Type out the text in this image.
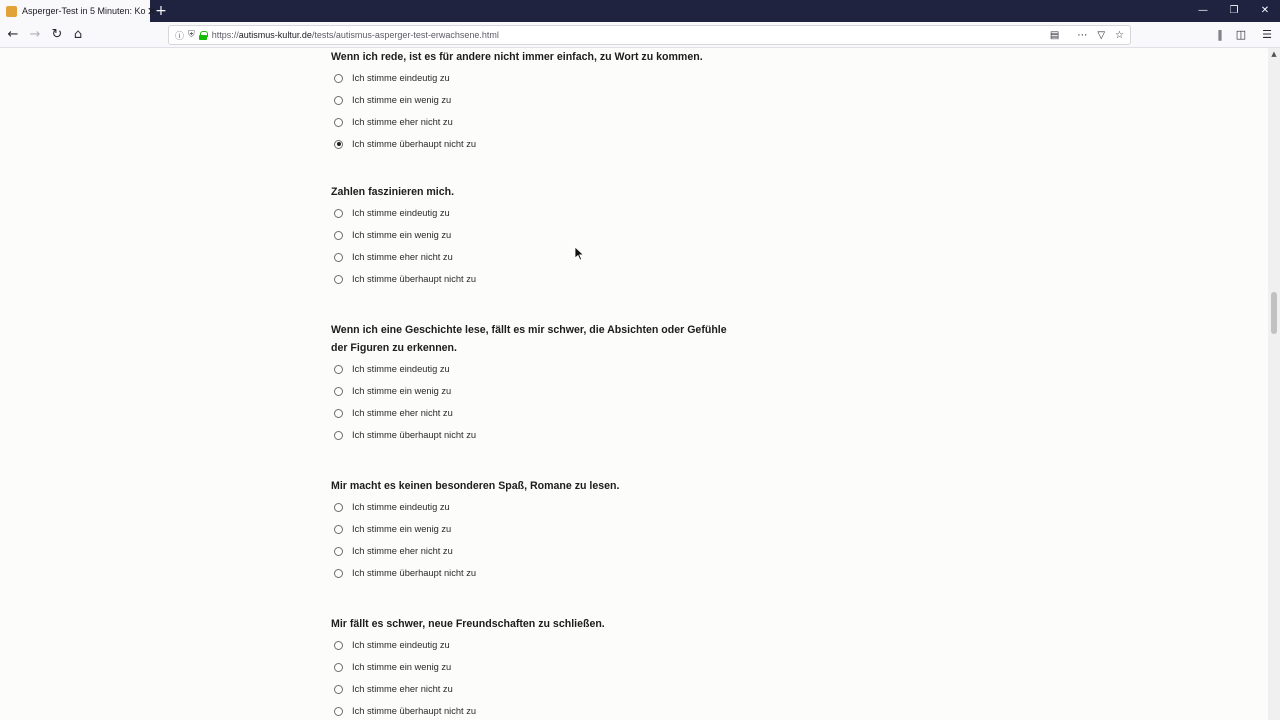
Asperger-Test in 5 Minuten: Ko ✕
+	—	❐	✕
← → ↻ ⌂	ⓘ ⛨ https://autismus-kultur.de/tests/autismus-asperger-test-erwachsene.html	▤ ⋯ ▽ ☆	‖	◫	☰
Wenn ich rede, ist es für andere nicht immer einfach, zu Wort zu kommen.
Ich stimme eindeutig zu
Ich stimme ein wenig zu
Ich stimme eher nicht zu
Ich stimme überhaupt nicht zu
Zahlen faszinieren mich.
Ich stimme eindeutig zu
Ich stimme ein wenig zu
Ich stimme eher nicht zu
Ich stimme überhaupt nicht zu
Wenn ich eine Geschichte lese, fällt es mir schwer, die Absichten oder Gefühle der Figuren zu erkennen.
Ich stimme eindeutig zu
Ich stimme ein wenig zu
Ich stimme eher nicht zu
Ich stimme überhaupt nicht zu
Mir macht es keinen besonderen Spaß, Romane zu lesen.
Ich stimme eindeutig zu
Ich stimme ein wenig zu
Ich stimme eher nicht zu
Ich stimme überhaupt nicht zu
Mir fällt es schwer, neue Freundschaften zu schließen.
Ich stimme eindeutig zu
Ich stimme ein wenig zu
Ich stimme eher nicht zu
Ich stimme überhaupt nicht zu
▲
